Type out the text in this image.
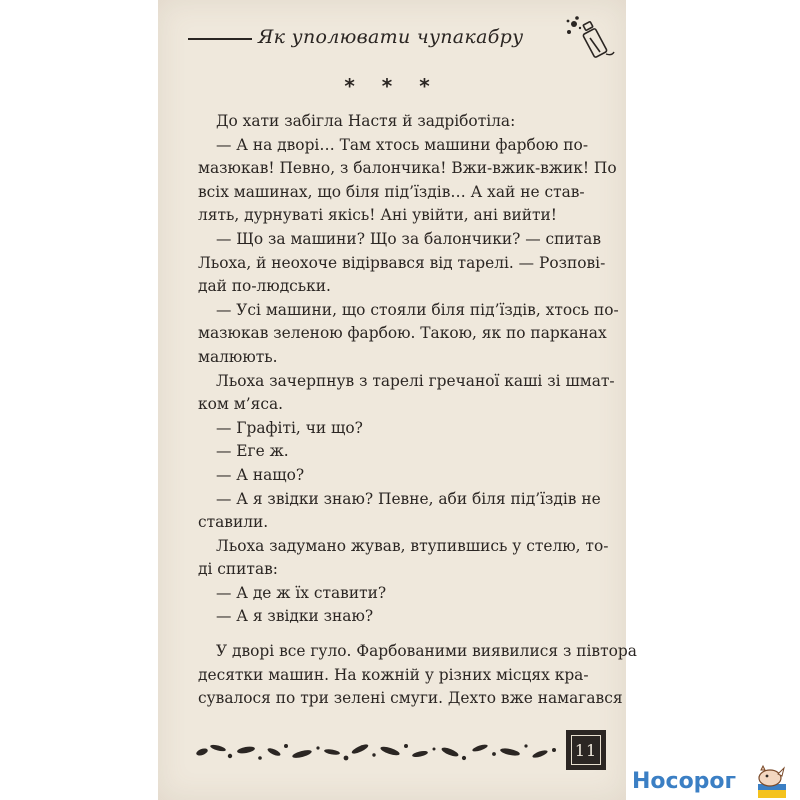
Як уполювати чупакабру
* * *
До хати забігла Настя й задріботіла:
— А на дворі… Там хтось машини фарбою по-
мазюкав! Певно, з балончика! Вжи-вжик-вжик! По
всіх машинах, що біля під’їздів… А хай не став-
лять, дурнуваті якісь! Ані увійти, ані вийти!
— Що за машини? Що за балончики? — спитав
Льоха, й неохоче відірвався від тарелі. — Розпові-
дай по-людськи.
— Усі машини, що стояли біля під’їздів, хтось по-
мазюкав зеленою фарбою. Такою, як по парканах
малюють.
Льоха зачерпнув з тарелі гречаної каші зі шмат-
ком м’яса.
— Графіті, чи що?
— Еге ж.
— А нащо?
— А я звідки знаю? Певне, аби біля під’їздів не
ставили.
Льоха задумано жував, втупившись у стелю, то-
ді спитав:
— А де ж їх ставити?
— А я звідки знаю?
У дворі все гуло. Фарбованими виявилися з півтора
десятки машин. На кожній у різних місцях кра-
сувалося по три зелені смуги. Дехто вже намагався
11
Носорог
